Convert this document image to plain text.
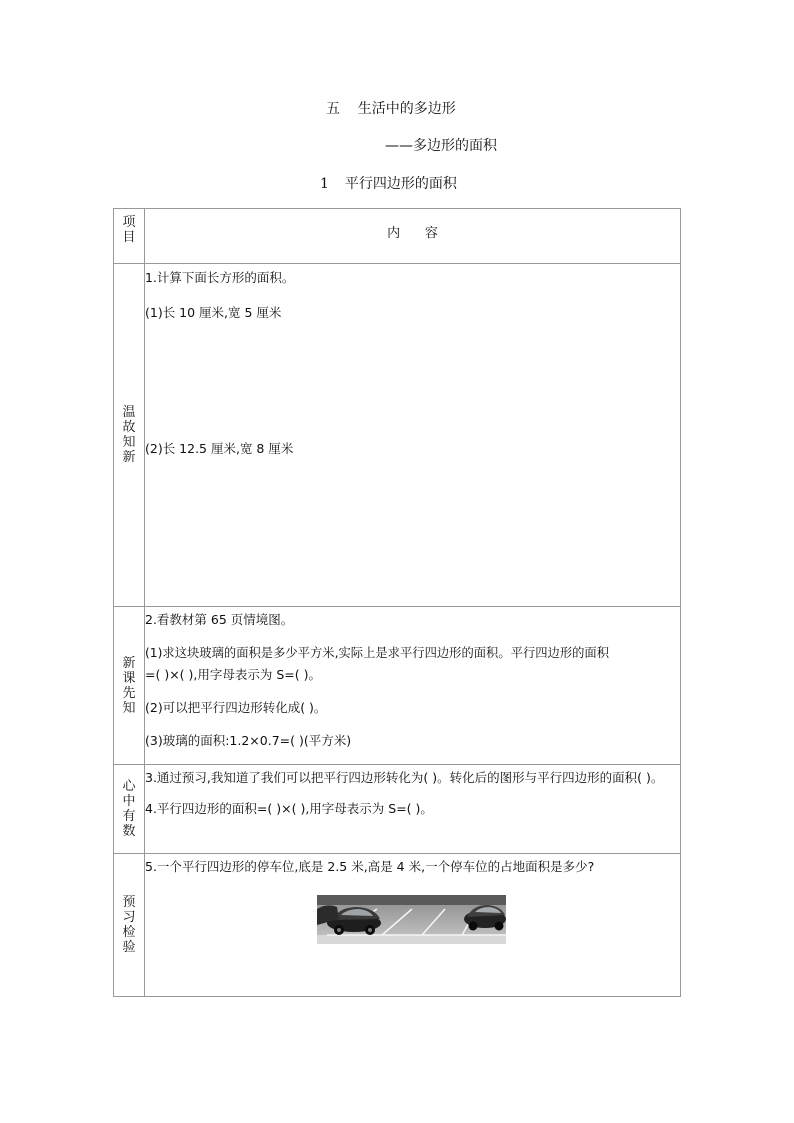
五    生活中的多边形
——多边形的面积
1 平行四边形的面积
项目	内      容

温故知新	1.计算下面长方形的面积。

(1)长 10 厘米,宽 5 厘米

(2)长 12.5 厘米,宽 8 厘米

新课先知	2.看教材第 65 页情境图。

(1)求这块玻璃的面积是多少平方米,实际上是求平行四边形的面积。平行四边形的面积

=( )×( ),用字母表示为 S=( )。

(2)可以把平行四边形转化成( )。

(3)玻璃的面积:1.2×0.7=( )(平方米)

心中有数	3.通过预习,我知道了我们可以把平行四边形转化为( )。转化后的图形与平行四边形的面积( )。

4.平行四边形的面积=( )×( ),用字母表示为 S=( )。

预习检验	5.一个平行四边形的停车位,底是 2.5 米,高是 4 米,一个停车位的占地面积是多少?
